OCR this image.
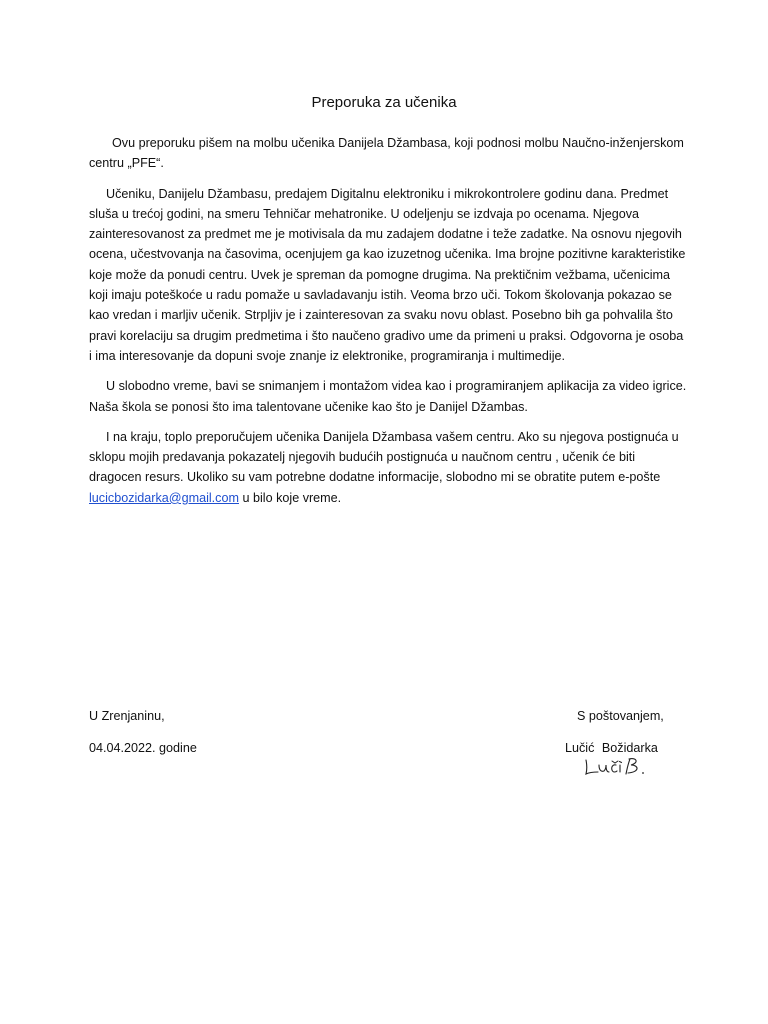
Preporuka za učenika

Ovu preporuku pišem na molbu učenika Danijela Džambasa, koji podnosi molbu Naučno-inženjerskom centru „PFE“.

Učeniku, Danijelu Džambasu, predajem Digitalnu elektroniku i mikrokontrolere godinu dana. Predmet sluša u trećoj godini, na smeru Tehničar mehatronike. U odeljenju se izdvaja po ocenama. Njegova zainteresovanost za predmet me je motivisala da mu zadajem dodatne i teže zadatke. Na osnovu njegovih ocena, učestvovanja na časovima, ocenjujem ga kao izuzetnog učenika. Ima brojne pozitivne karakteristike koje može da ponudi centru. Uvek je spreman da pomogne drugima. Na prektičnim vežbama, učenicima koji imaju poteškoće u radu pomaže u savladavanju istih. Veoma brzo uči. Tokom školovanja pokazao se kao vredan i marljiv učenik. Strpljiv je i zainteresovan za svaku novu oblast. Posebno bih ga pohvalila što pravi korelaciju sa drugim predmetima i što naučeno gradivo ume da primeni u praksi. Odgovorna je osoba i ima interesovanje da dopuni svoje znanje iz elektronike, programiranja i multimedije.

U slobodno vreme, bavi se snimanjem i montažom videa kao i programiranjem aplikacija za video igrice. Naša škola se ponosi što ima talentovane učenike kao što je Danijel Džambas.

I na kraju, toplo preporučujem učenika Danijela Džambasa vašem centru. Ako su njegova postignuća u sklopu mojih predavanja pokazatelj njegovih budućih postignuća u naučnom centru , učenik će biti dragocen resurs. Ukoliko su vam potrebne dodatne informacije, slobodno mi se obratite putem e-pošte lucicbozidarka@gmail.com u bilo koje vreme.

U Zrenjaninu,
04.04.2022. godine
S poštovanjem,
Lučić Božidarka
